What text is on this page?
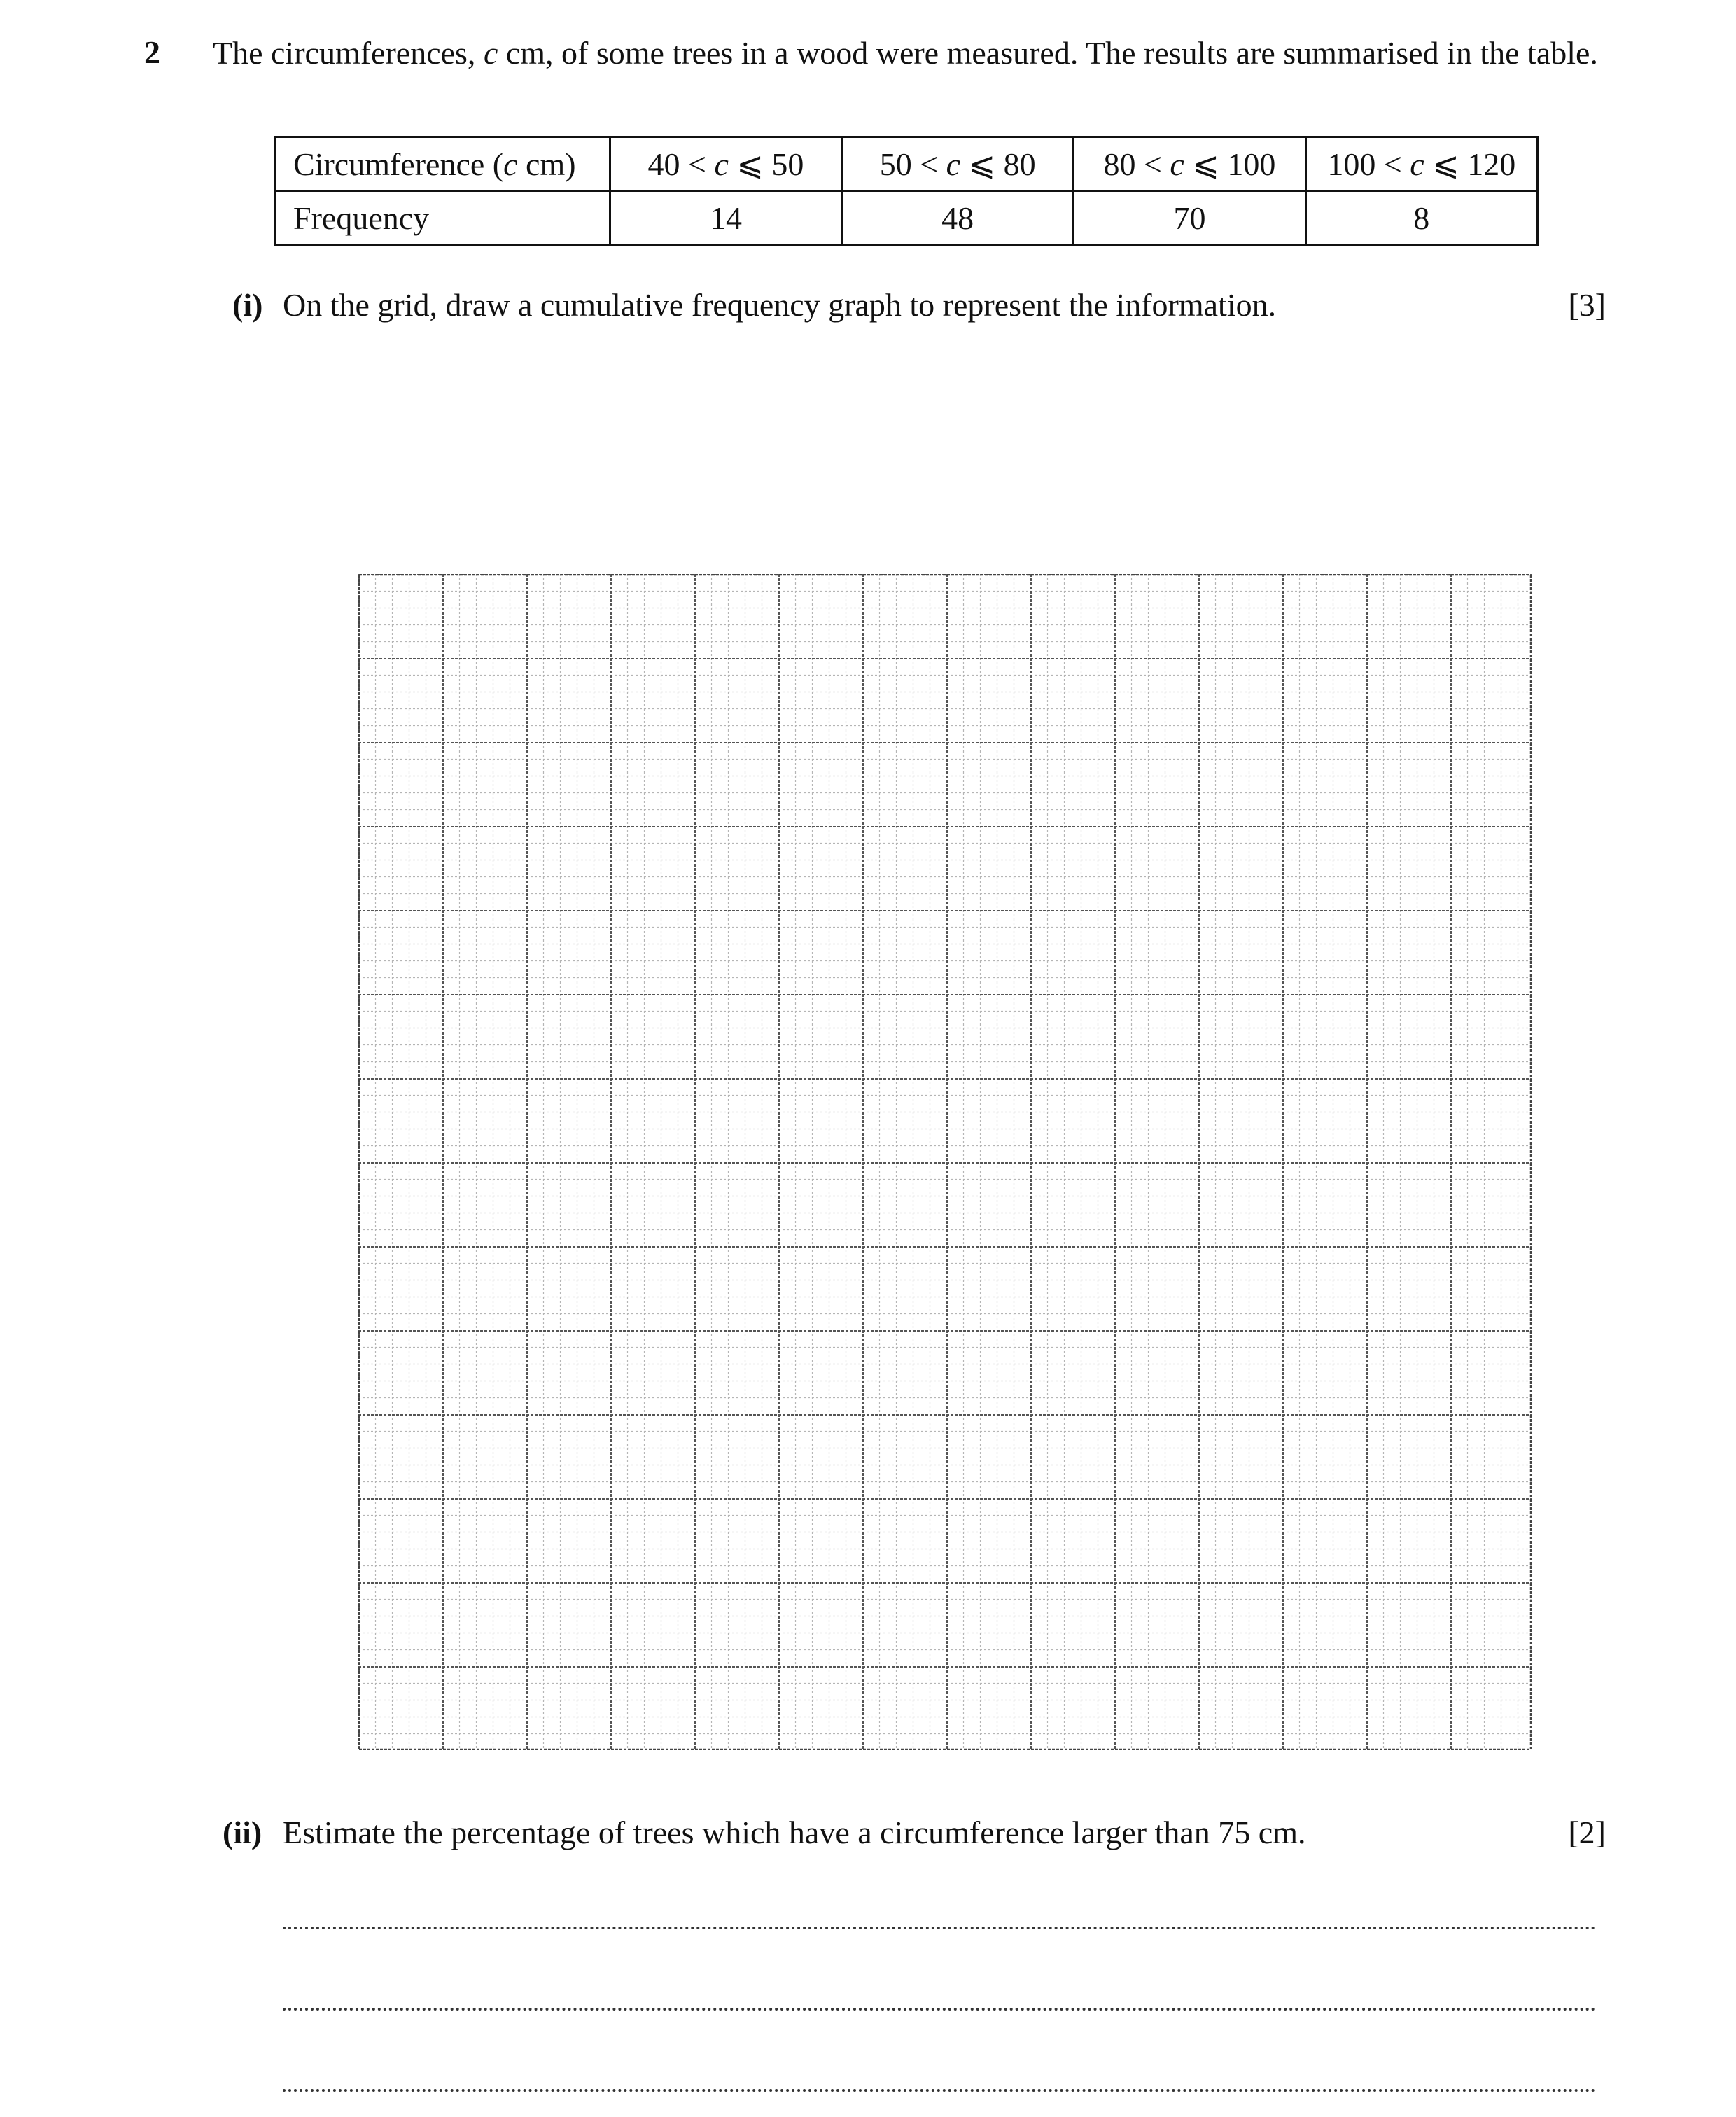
2 The circumferences, c cm, of some trees in a wood were measured. The results are summarised in the table.
Circumference (c cm)	40 < c ⩽ 50	50 < c ⩽ 80	80 < c ⩽ 100	100 < c ⩽ 120
Frequency	14	48	70	8
(i) On the grid, draw a cumulative frequency graph to represent the information.	[3]
(ii) Estimate the percentage of trees which have a circumference larger than 75 cm.	[2]
